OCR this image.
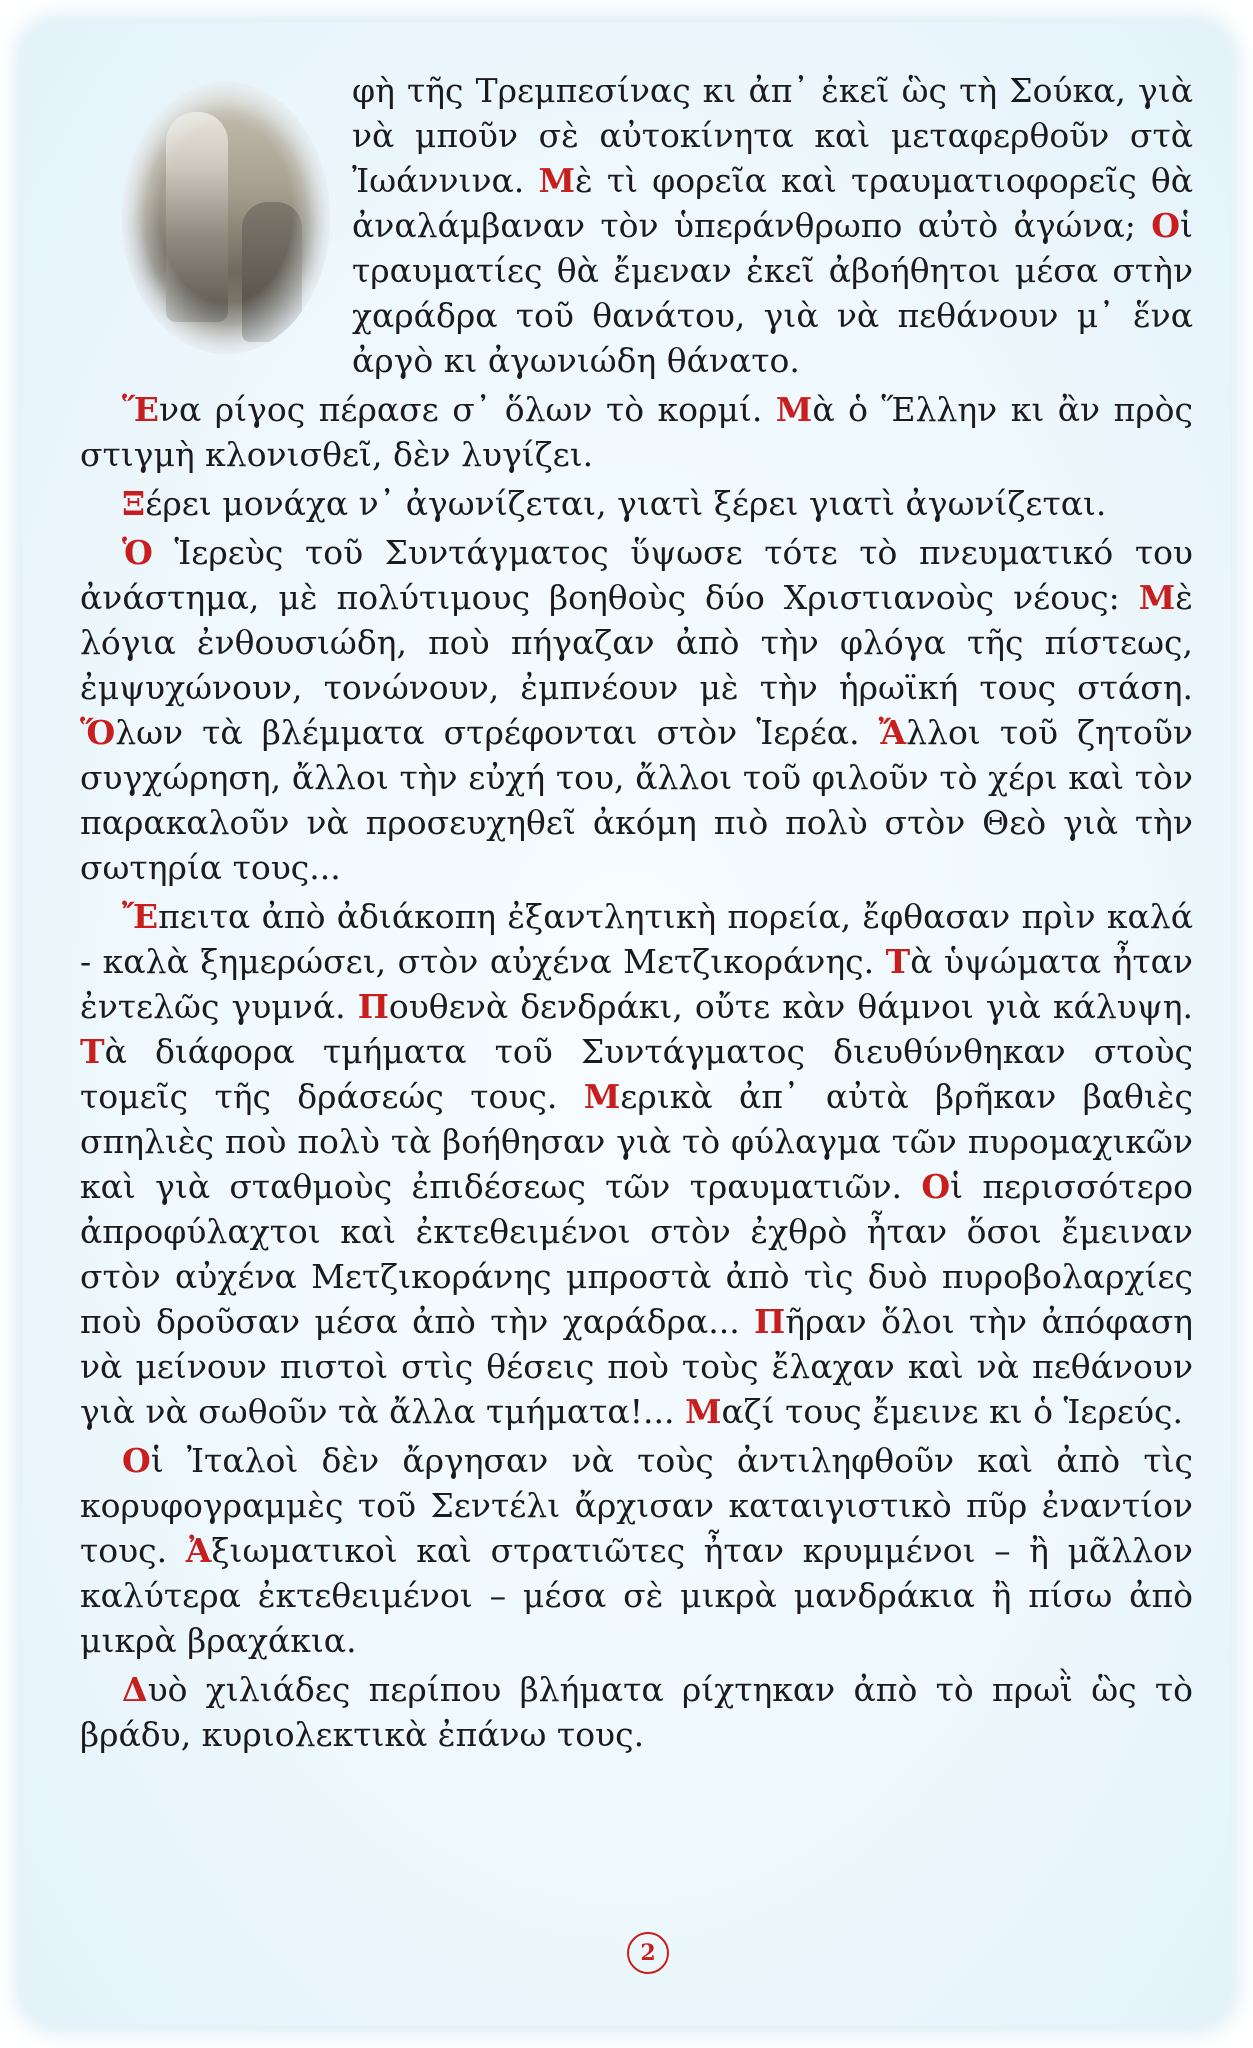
φὴ τῆς Τρεμπεσίνας κι ἀπ᾽ ἐκεῖ ὣς τὴ Σούκα, γιὰ νὰ μποῦν σὲ αὐτοκίνητα καὶ μεταφερθοῦν στὰ Ἰωάννινα. Μὲ τὶ φορεῖα καὶ τραυματιοφορεῖς θὰ ἀναλάμβαναν τὸν ὑπεράνθρωπο αὐτὸ ἀγώνα; Οἱ τραυματίες θὰ ἔμεναν ἐκεῖ ἀβοήθητοι μέσα στὴν χαράδρα τοῦ θανάτου, γιὰ νὰ πεθάνουν μ᾽ ἕνα ἀργὸ κι ἀγωνιώδη θάνατο.

Ἕνα ρίγος πέρασε σ᾽ ὅλων τὸ κορμί. Μὰ ὁ Ἕλλην κι ἂν πρὸς στιγμὴ κλονισθεῖ, δὲν λυγίζει.

Ξέρει μονάχα ν᾽ ἀγωνίζεται, γιατὶ ξέρει γιατὶ ἀγωνίζεται.

Ὁ Ἱερεὺς τοῦ Συντάγματος ὕψωσε τότε τὸ πνευματικό του ἀνάστημα, μὲ πολύτιμους βοηθοὺς δύο Χριστιανοὺς νέους: Μὲ λόγια ἐνθουσιώδη, ποὺ πήγαζαν ἀπὸ τὴν φλόγα τῆς πίστεως, ἐμψυχώνουν, τονώνουν, ἐμπνέουν μὲ τὴν ἡρωϊκή τους στάση. Ὅλων τὰ βλέμματα στρέφονται στὸν Ἱερέα. Ἄλλοι τοῦ ζητοῦν συγχώρηση, ἄλλοι τὴν εὐχή του, ἄλλοι τοῦ φιλοῦν τὸ χέρι καὶ τὸν παρακαλοῦν νὰ προσευχηθεῖ ἀκόμη πιὸ πολὺ στὸν Θεὸ γιὰ τὴν σωτηρία τους...

Ἔπειτα ἀπὸ ἀδιάκοπη ἐξαντλητικὴ πορεία, ἔφθασαν πρὶν καλά - καλὰ ξημερώσει, στὸν αὐχένα Μετζικοράνης. Τὰ ὑψώματα ἦταν ἐντελῶς γυμνά. Πουθενὰ δενδράκι, οὔτε κὰν θάμνοι γιὰ κάλυψη. Τὰ διάφορα τμήματα τοῦ Συντάγματος διευθύνθηκαν στοὺς τομεῖς τῆς δράσεώς τους. Μερικὰ ἀπ᾽ αὐτὰ βρῆκαν βαθιὲς σπηλιὲς ποὺ πολὺ τὰ βοήθησαν γιὰ τὸ φύλαγμα τῶν πυρομαχικῶν καὶ γιὰ σταθμοὺς ἐπιδέσεως τῶν τραυματιῶν. Οἱ περισσότερο ἀπροφύλαχτοι καὶ ἐκτεθειμένοι στὸν ἐχθρὸ ἦταν ὅσοι ἔμειναν στὸν αὐχένα Μετζικοράνης μπροστὰ ἀπὸ τὶς δυὸ πυροβολαρχίες ποὺ δροῦσαν μέσα ἀπὸ τὴν χαράδρα... Πῆραν ὅλοι τὴν ἀπόφαση νὰ μείνουν πιστοὶ στὶς θέσεις ποὺ τοὺς ἔλαχαν καὶ νὰ πεθάνουν γιὰ νὰ σωθοῦν τὰ ἄλλα τμήματα!... Μαζί τους ἔμεινε κι ὁ Ἱερεύς.

Οἱ Ἰταλοὶ δὲν ἄργησαν νὰ τοὺς ἀντιληφθοῦν καὶ ἀπὸ τὶς κορυφογραμμὲς τοῦ Σεντέλι ἄρχισαν καταιγιστικὸ πῦρ ἐναντίον τους. Ἀξιωματικοὶ καὶ στρατιῶτες ἦταν κρυμμένοι – ἢ μᾶλλον καλύτερα ἐκτεθειμένοι – μέσα σὲ μικρὰ μανδράκια ἢ πίσω ἀπὸ μικρὰ βραχάκια.

Δυὸ χιλιάδες περίπου βλήματα ρίχτηκαν ἀπὸ τὸ πρωῒ ὣς τὸ βράδυ, κυριολεκτικὰ ἐπάνω τους.

2
